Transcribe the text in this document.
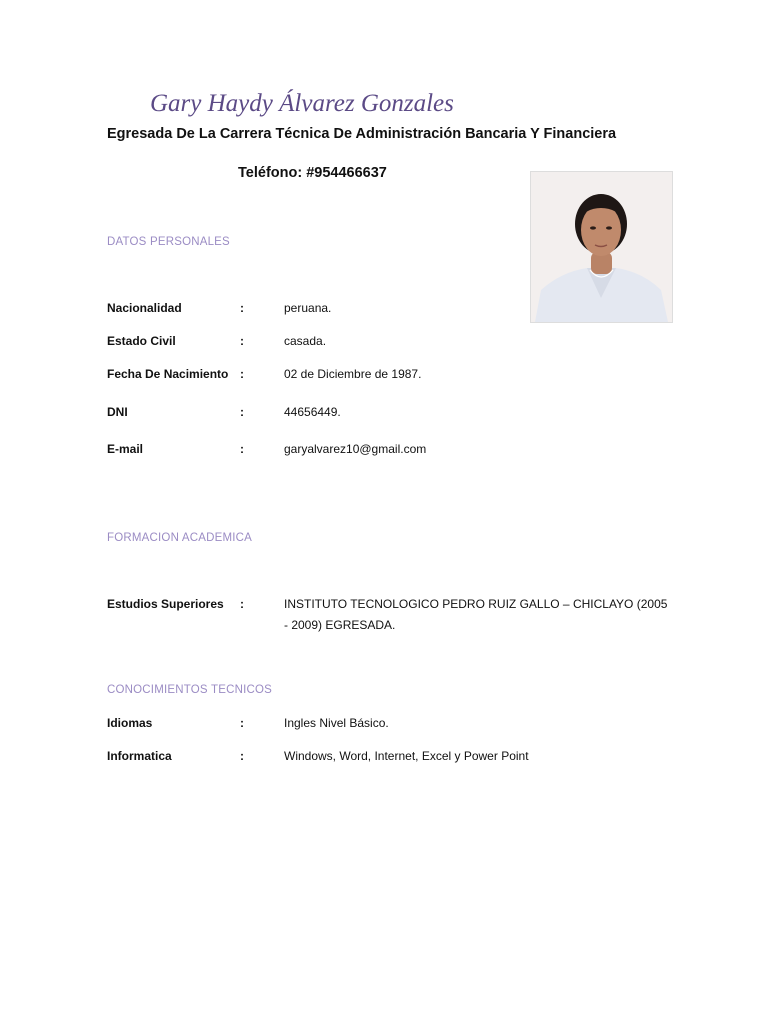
Gary Haydy Álvarez Gonzales
Egresada De La Carrera Técnica De Administración Bancaria Y Financiera
Teléfono: #954466637
DATOS PERSONALES
Nacionalidad	:	peruana.
Estado Civil	:	casada.
Fecha De Nacimiento :	02 de Diciembre de 1987.
DNI	:	44656449.
E-mail	:	garyalvarez10@gmail.com
FORMACION ACADEMICA
Estudios Superiores :	INSTITUTO TECNOLOGICO PEDRO RUIZ GALLO – CHICLAYO (2005 - 2009) EGRESADA.
CONOCIMIENTOS TECNICOS
Idiomas	:	Ingles Nivel Básico.
Informatica	:	Windows, Word, Internet, Excel y Power Point
